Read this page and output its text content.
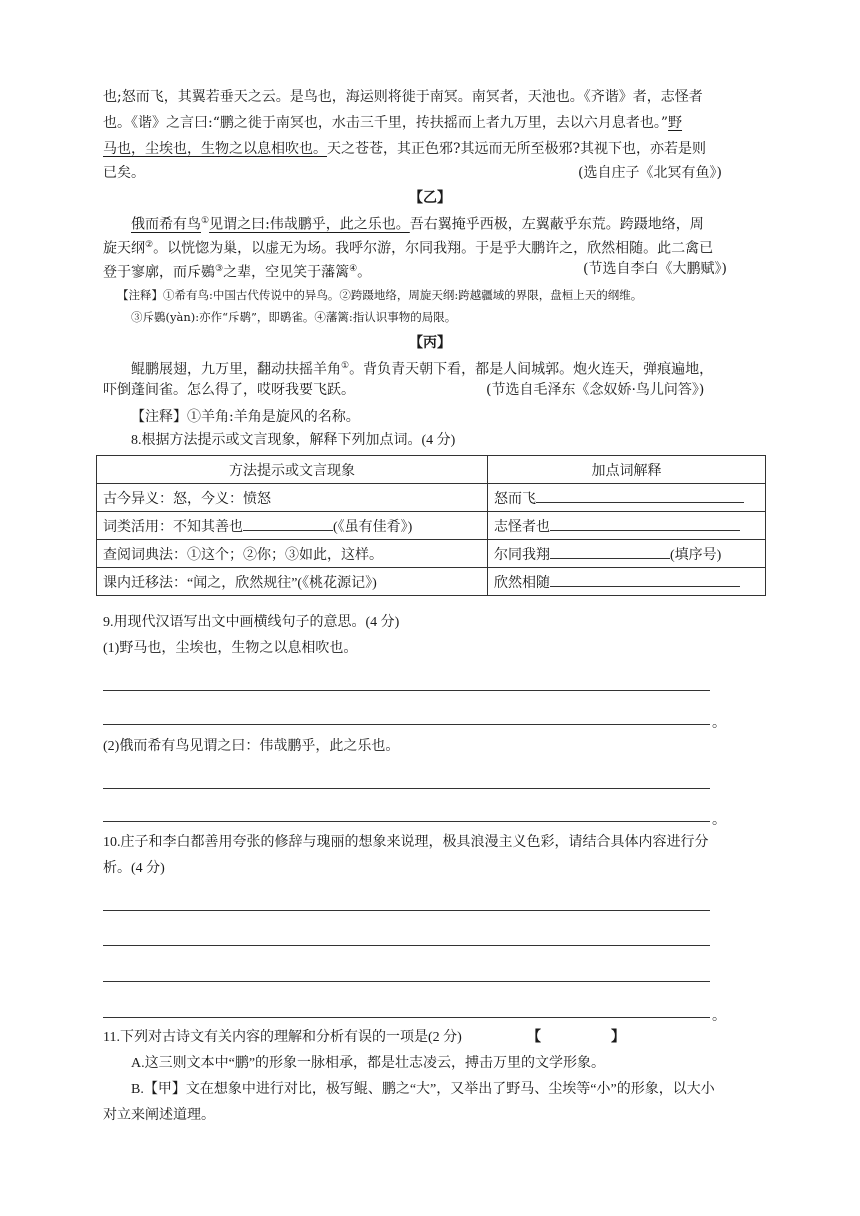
也;怒而飞，其翼若垂天之云。是鸟也，海运则将徙于南冥。南冥者，天池也。《齐谐》者，志怪者
也。《谐》之言曰:“鹏之徙于南冥也，水击三千里，抟扶摇而上者九万里，去以六月息者也。”野
马也，尘埃也，生物之以息相吹也。天之苍苍，其正色邪?其远而无所至极邪?其视下也，亦若是则
已矣。	(选自庄子《北冥有鱼》)
【乙】
俄而希有鸟①见谓之曰:伟哉鹏乎，此之乐也。吾右翼掩乎西极，左翼蔽乎东荒。跨蹑地络，周
旋天纲②。以恍惚为巢，以虚无为场。我呼尔游，尔同我翔。于是乎大鹏许之，欣然相随。此二禽已
登于寥廓，而斥鷃③之辈，空见笑于藩篱④。	(节选自李白《大鹏赋》)
【注释】①希有鸟:中国古代传说中的异鸟。②跨蹑地络，周旋天纲:跨越疆域的界限，盘桓上天的纲维。
③斥鷃(yàn):亦作“斥鹖”，即鹖雀。④藩篱:指认识事物的局限。
【丙】
鲲鹏展翅，九万里，翻动扶摇羊角①。背负青天朝下看，都是人间城郭。炮火连天，弹痕遍地，
吓倒蓬间雀。怎么得了，哎呀我要飞跃。	(节选自毛泽东《念奴娇·鸟儿问答》)
【注释】①羊角:羊角是旋风的名称。
8.根据方法提示或文言现象，解释下列加点词。(4 分)
方法提示或文言现象	加点词解释
古今异义：怒，今义：愤怒	怒而飞
词类活用：不知其善也 (《虽有佳肴》)	志怪者也
查阅词典法：①这个；②你；③如此，这样。	尔同我翔 (填序号)
课内迁移法：“闻之，欣然规往”(《桃花源记》)	欣然相随
9.用现代汉语写出文中画横线句子的意思。(4 分)
(1)野马也，尘埃也，生物之以息相吹也。
。
(2)俄而希有鸟见谓之曰：伟哉鹏乎，此之乐也。
。
10.庄子和李白都善用夸张的修辞与瑰丽的想象来说理，极具浪漫主义色彩，请结合具体内容进行分
析。(4 分)
。
11.下列对古诗文有关内容的理解和分析有误的一项是(2 分)	【	】
A.这三则文本中“鹏”的形象一脉相承，都是壮志凌云，搏击万里的文学形象。
B.【甲】文在想象中进行对比，极写鲲、鹏之“大”，又举出了野马、尘埃等“小”的形象，以大小
对立来阐述道理。
